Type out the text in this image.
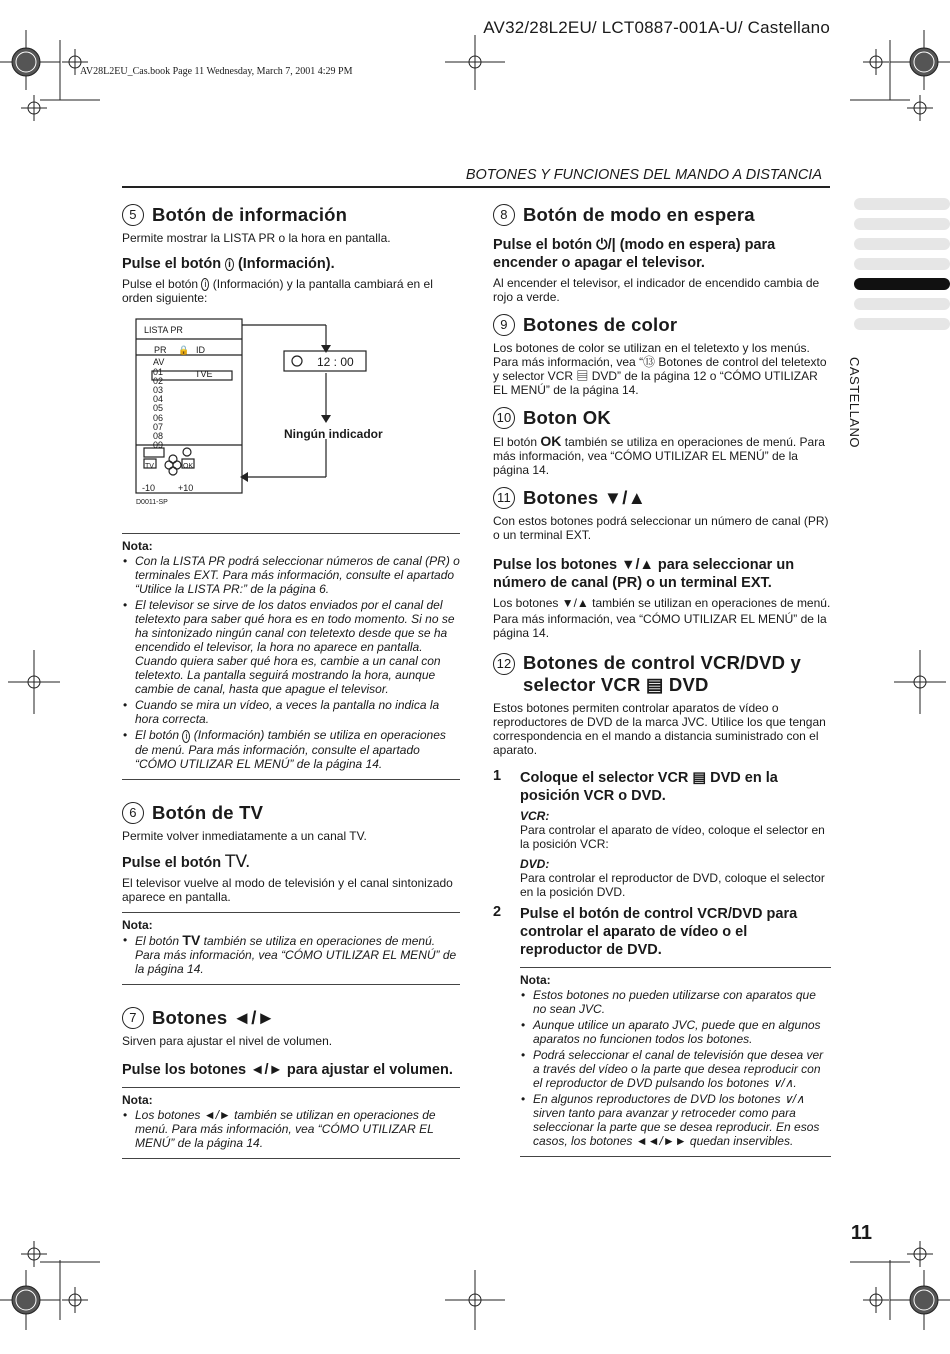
AV32/28L2EU/ LCT0887-001A-U/ Castellano
AV28L2EU_Cas.book Page 11 Wednesday, March 7, 2001 4:29 PM
BOTONES Y FUNCIONES DEL MANDO A DISTANCIA
CASTELLANO
11
5 Botón de información

Permite mostrar la LISTA PR o la hora en pantalla.

Pulse el botón i (Información).

Pulse el botón i (Información) y la pantalla cambiará en el orden siguiente:

LISTA PR
PR 🔒 ID
AV
01
02
03
04
05
06
07
08
09
TVE
TV	OK
-10	+10
D0011-SP
12 : 00
Ningún indicador
Nota:
• Con la LISTA PR podrá seleccionar números de canal (PR) o terminales EXT. Para más información, consulte el apartado “Utilice la LISTA PR:” de la página 6.
• El televisor se sirve de los datos enviados por el canal del teletexto para saber qué hora es en todo momento. Si no se ha sintonizado ningún canal con teletexto desde que se ha encendido el televisor, la hora no aparece en pantalla. Cuando quiera saber qué hora es, cambie a un canal con teletexto. La pantalla seguirá mostrando la hora, aunque cambie de canal, hasta que apague el televisor.
• Cuando se mira un vídeo, a veces la pantalla no indica la hora correcta.
• El botón i (Información) también se utiliza en operaciones de menú. Para más información, consulte el apartado “CÓMO UTILIZAR EL MENÚ” de la página 14.
6 Botón de TV

Permite volver inmediatamente a un canal TV.

Pulse el botón TV.

El televisor vuelve al modo de televisión y el canal sintonizado aparece en pantalla.

Nota:
• El botón TV también se utiliza en operaciones de menú. Para más información, vea “CÓMO UTILIZAR EL MENÚ” de la página 14.
7 Botones ◄/►

Sirven para ajustar el nivel de volumen.

Pulse los botones ◄/► para ajustar el volumen.
Nota:
• Los botones ◄/► también se utilizan en operaciones de menú. Para más información, vea “CÓMO UTILIZAR EL MENÚ” de la página 14.
8 Botón de modo en espera
Pulse el botón ⏻/| (modo en espera) para encender o apagar el televisor.

Al encender el televisor, el indicador de encendido cambia de rojo a verde.

9 Botones de color

Los botones de color se utilizan en el teletexto y los menús. Para más información, vea “⑬ Botones de control del teletexto y selector VCR ▤ DVD” de la página 12 o “CÓMO UTILIZAR EL MENÚ” de la página 14.

10 Boton OK

El botón OK también se utiliza en operaciones de menú. Para más información, vea “CÓMO UTILIZAR EL MENÚ” de la página 14.

11 Botones ▼/▲

Con estos botones podrá seleccionar un número de canal (PR) o un terminal EXT.

Pulse los botones ▼/▲ para seleccionar un número de canal (PR) o un terminal EXT.

Los botones ▼/▲ también se utilizan en operaciones de menú.

Para más información, vea “CÓMO UTILIZAR EL MENÚ” de la página 14.

12 Botones de control VCR/DVD y selector VCR ▤ DVD

Estos botones permiten controlar aparatos de vídeo o reproductores de DVD de la marca JVC. Utilice los que tengan correspondencia en el mando a distancia suministrado con el aparato.

1	Coloque el selector VCR ▤ DVD en la posición VCR o DVD.
VCR:

Para controlar el aparato de vídeo, coloque el selector en la posición VCR:

DVD:

Para controlar el reproductor de DVD, coloque el selector en la posición DVD.

2	Pulse el botón de control VCR/DVD para controlar el aparato de vídeo o el reproductor de DVD.
Nota:
• Estos botones no pueden utilizarse con aparatos que no sean JVC.
• Aunque utilice un aparato JVC, puede que en algunos aparatos no funcionen todos los botones.
• Podrá seleccionar el canal de televisión que desea ver a través del vídeo o la parte que desea reproducir con el reproductor de DVD pulsando los botones ∨/∧.
• En algunos reproductores de DVD los botones ∨/∧ sirven tanto para avanzar y retroceder como para seleccionar la parte que se desea reproducir. En esos casos, los botones ◄◄/►► quedan inservibles.
